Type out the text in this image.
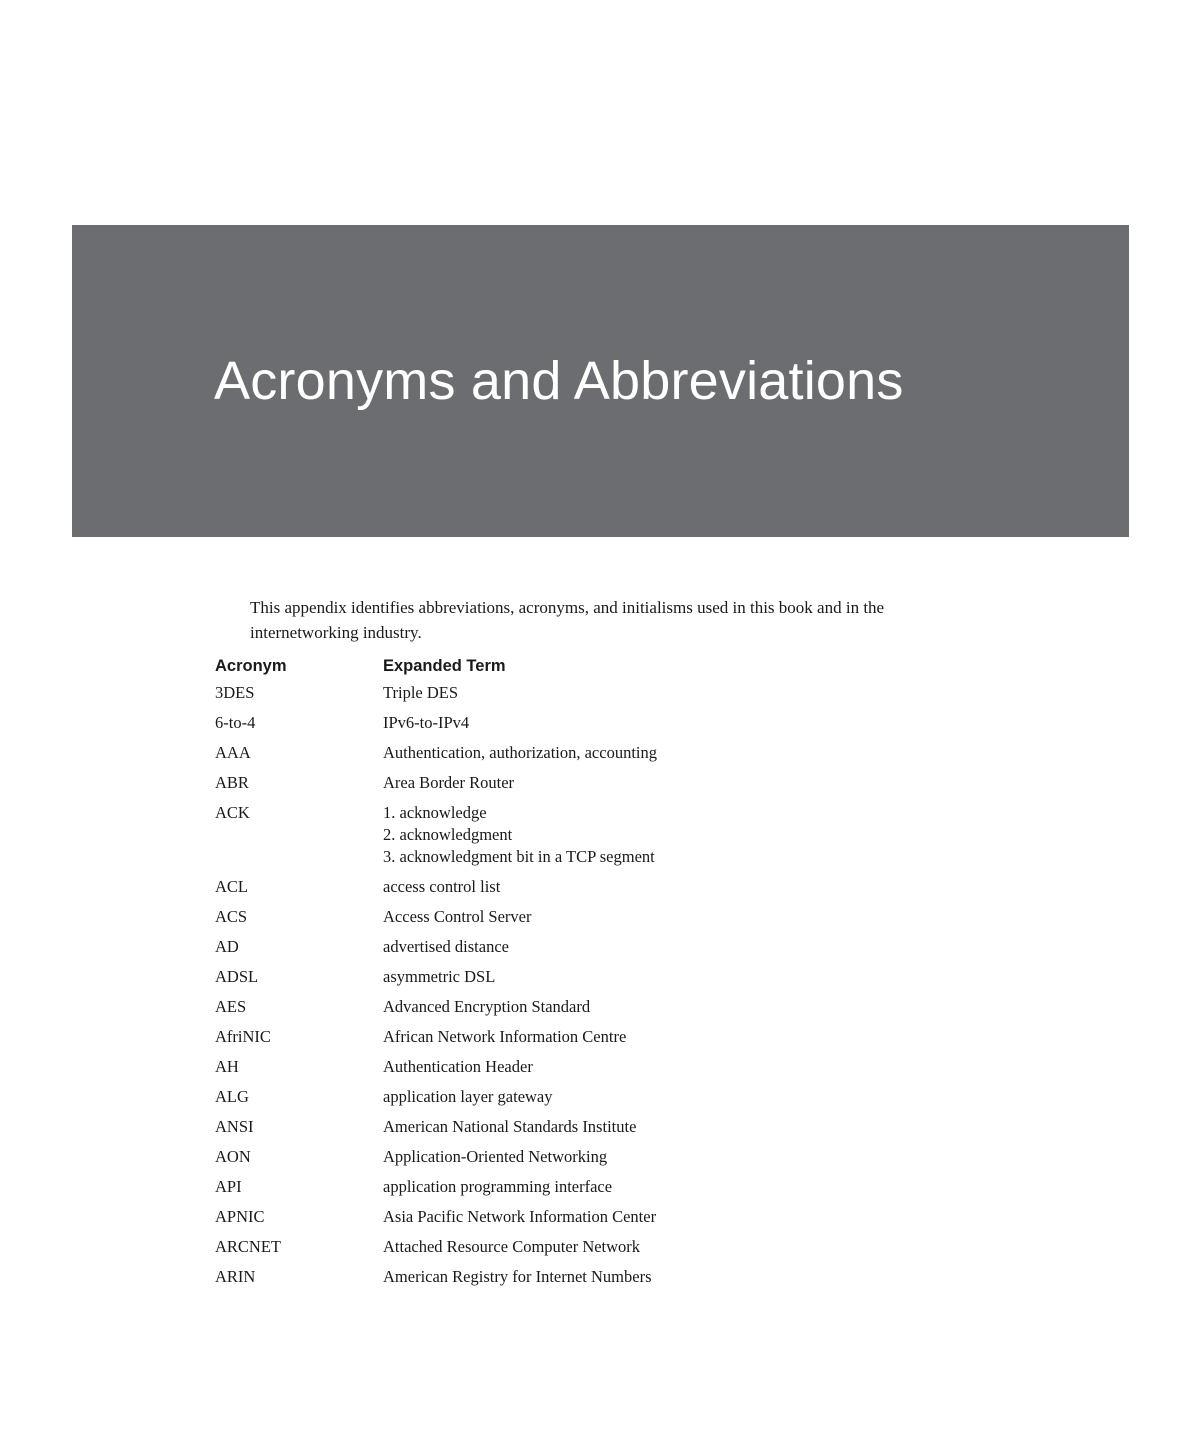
Acronyms and Abbreviations

This appendix identifies abbreviations, acronyms, and initialisms used in this book and in the internetworking industry.

Acronym	Expanded Term
3DES	Triple DES
6-to-4	IPv6-to-IPv4
AAA	Authentication, authorization, accounting
ABR	Area Border Router
ACK	1. acknowledge
2. acknowledgment
3. acknowledgment bit in a TCP segment
ACL	access control list
ACS	Access Control Server
AD	advertised distance
ADSL	asymmetric DSL
AES	Advanced Encryption Standard
AfriNIC	African Network Information Centre
AH	Authentication Header
ALG	application layer gateway
ANSI	American National Standards Institute
AON	Application-Oriented Networking
API	application programming interface
APNIC	Asia Pacific Network Information Center
ARCNET	Attached Resource Computer Network
ARIN	American Registry for Internet Numbers
